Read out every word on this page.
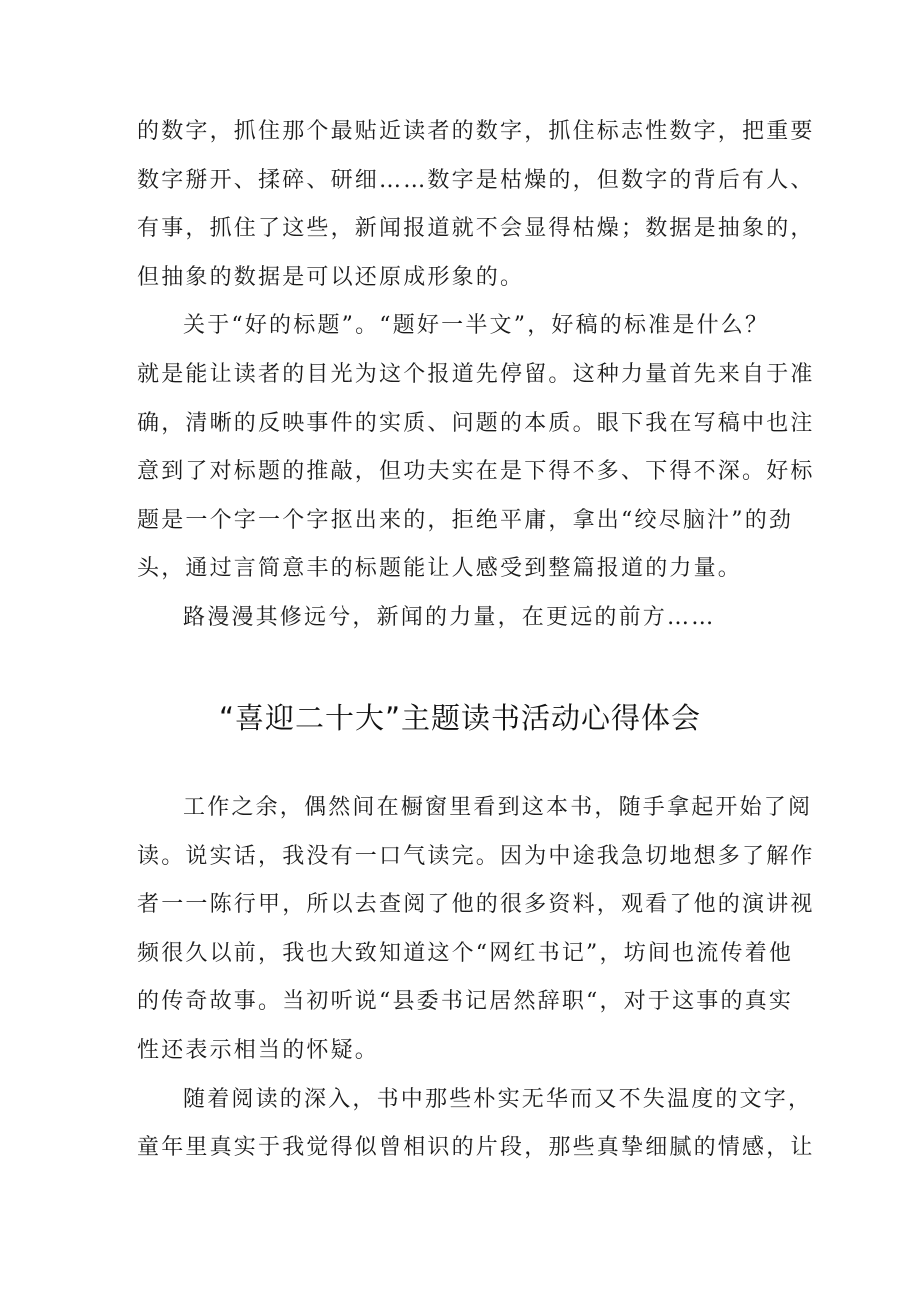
的数字，抓住那个最贴近读者的数字，抓住标志性数字，把重要
数字掰开、揉碎、研细……数字是枯燥的，但数字的背后有人、
有事，抓住了这些，新闻报道就不会显得枯燥；数据是抽象的，
但抽象的数据是可以还原成形象的。

关于“好的标题”。“题好一半文”，好稿的标准是什么？
就是能让读者的目光为这个报道先停留。这种力量首先来自于准
确，清晰的反映事件的实质、问题的本质。眼下我在写稿中也注
意到了对标题的推敲，但功夫实在是下得不多、下得不深。好标
题是一个字一个字抠出来的，拒绝平庸，拿出“绞尽脑汁”的劲
头，通过言简意丰的标题能让人感受到整篇报道的力量。

路漫漫其修远兮，新闻的力量，在更远的前方……

“喜迎二十大”主题读书活动心得体会

工作之余，偶然间在橱窗里看到这本书，随手拿起开始了阅
读。说实话，我没有一口气读完。因为中途我急切地想多了解作
者一一陈行甲，所以去查阅了他的很多资料，观看了他的演讲视
频很久以前，我也大致知道这个“网红书记”，坊间也流传着他
的传奇故事。当初听说“县委书记居然辞职“，对于这事的真实
性还表示相当的怀疑。

随着阅读的深入，书中那些朴实无华而又不失温度的文字，
童年里真实于我觉得似曾相识的片段，那些真挚细腻的情感，让
